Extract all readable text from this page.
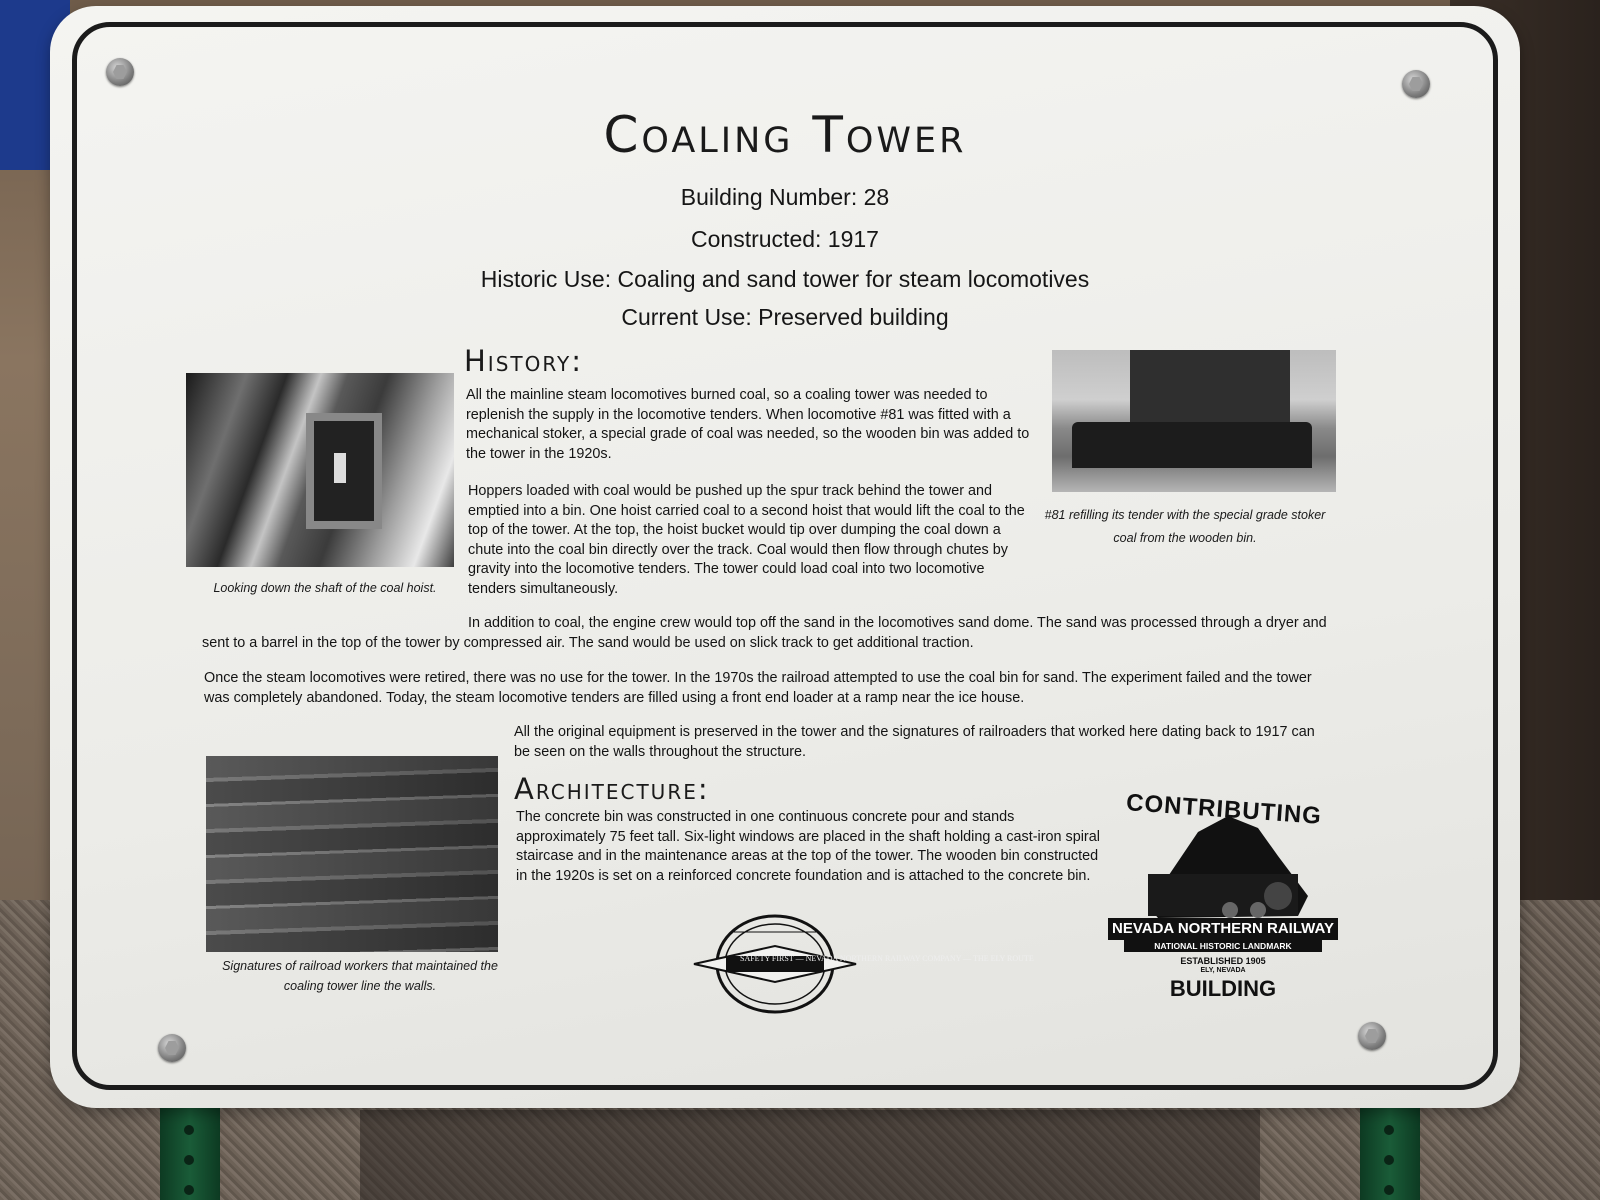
Coaling Tower
Building Number: 28
Constructed: 1917
Historic Use: Coaling and sand tower for steam locomotives
Current Use: Preserved building
History:
Looking down the shaft of the coal hoist.
#81 refilling its tender with the special grade stoker coal from the wooden bin.
All the mainline steam locomotives burned coal, so a coaling tower was needed to replenish the supply in the locomotive tenders. When locomotive #81 was fitted with a mechanical stoker, a special grade of coal was needed, so the wooden bin was added to the tower in the 1920s.
Hoppers loaded with coal would be pushed up the spur track behind the tower and emptied into a bin. One hoist carried coal to a second hoist that would lift the coal to the top of the tower. At the top, the hoist bucket would tip over dumping the coal down a chute into the coal bin directly over the track. Coal would then flow through chutes by gravity into the locomotive tenders. The tower could load coal into two locomotive tenders simultaneously.
In addition to coal, the engine crew would top off the sand in the locomotives sand dome. The sand was processed through a dryer and sent to a barrel in the top of the tower by compressed air. The sand would be used on slick track to get additional traction.
Once the steam locomotives were retired, there was no use for the tower. In the 1970s the railroad attempted to use the coal bin for sand. The experiment failed and the tower was completely abandoned. Today, the steam locomotive tenders are filled using a front end loader at a ramp near the ice house.
All the original equipment is preserved in the tower and the signatures of railroaders that worked here dating back to 1917 can be seen on the walls throughout the structure.
Architecture:
The concrete bin was constructed in one continuous concrete pour and stands approximately 75 feet tall. Six-light windows are placed in the shaft holding a cast-iron spiral staircase and in the maintenance areas at the top of the tower. The wooden bin constructed in the 1920s is set on a reinforced concrete foundation and is attached to the concrete bin.
Signatures of railroad workers that maintained the coaling tower line the walls.
SAFETY FIRST — NEVADA NORTHERN RAILWAY COMPANY — THE ELY ROUTE
CONTRIBUTING
NEVADA NORTHERN RAILWAY
NATIONAL HISTORIC LANDMARK
ESTABLISHED 1905
ELY, NEVADA
BUILDING
